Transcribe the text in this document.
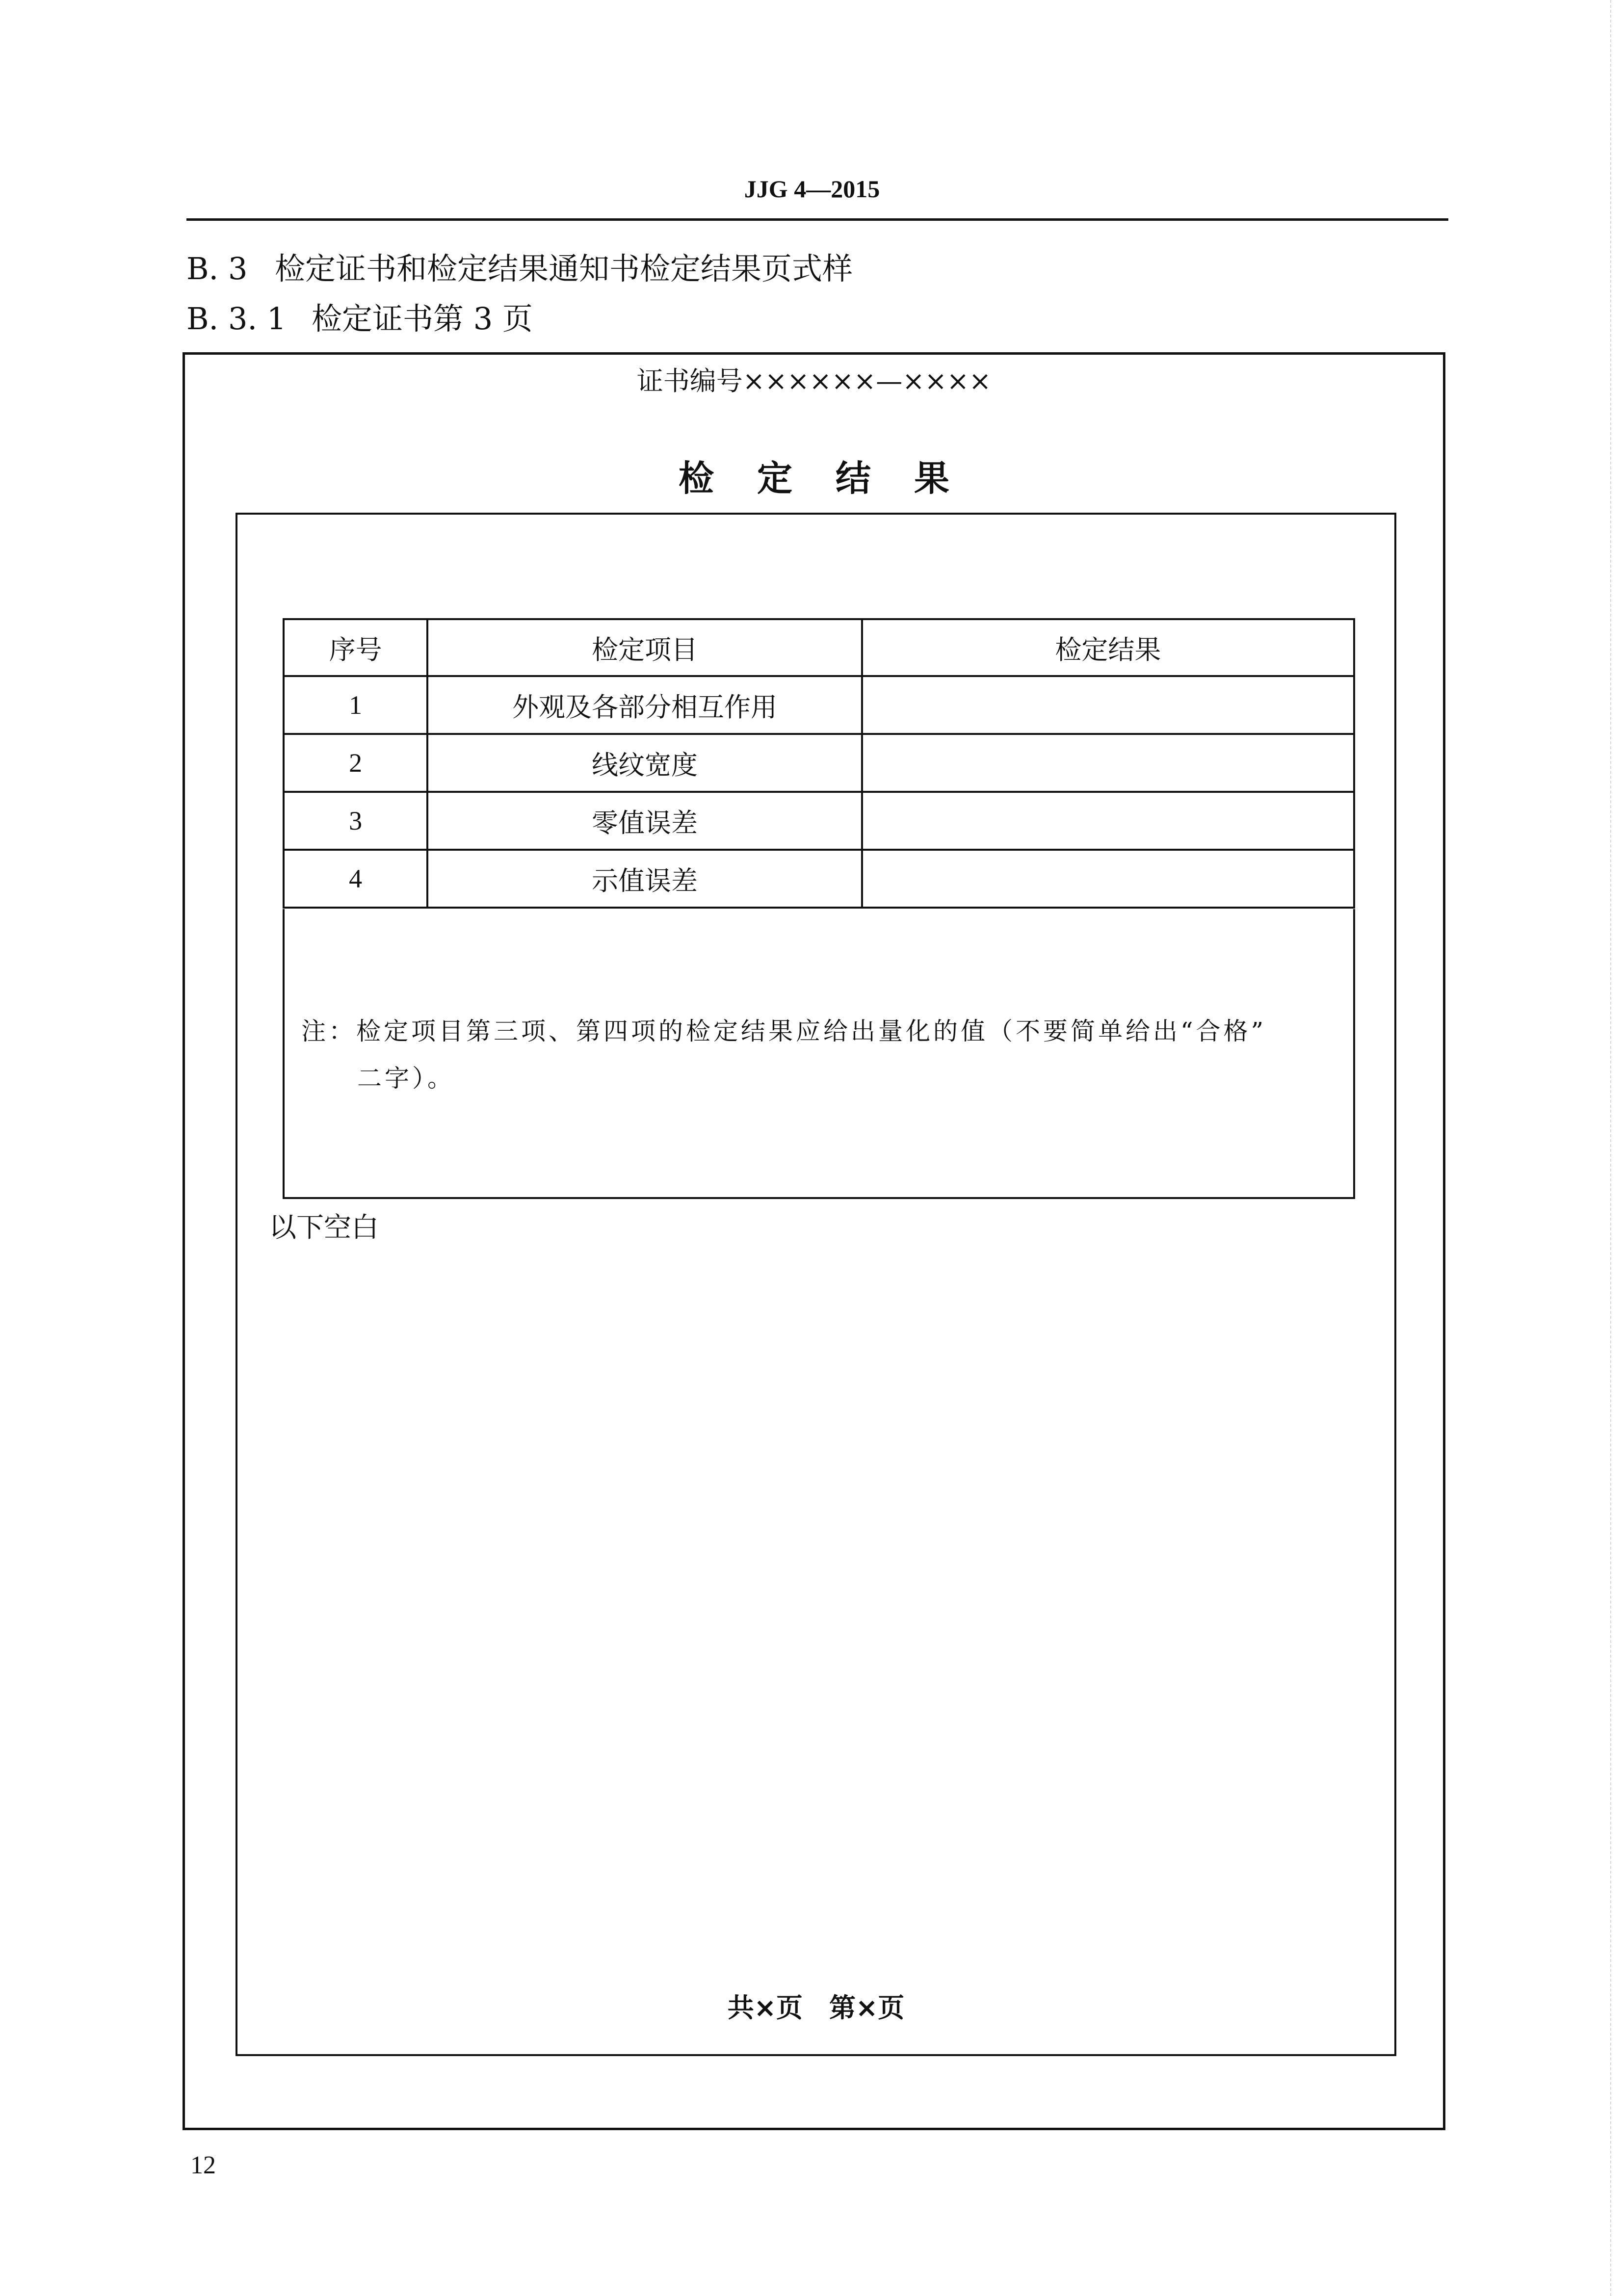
JJG 4—2015
B. 3 检定证书和检定结果通知书检定结果页式样
B. 3. 1 检定证书第 3 页
证书编号××××××—××××
检定结果
序号	检定项目	检定结果
1	外观及各部分相互作用	
2	线纹宽度	
3	零值误差	
4	示值误差	
注：检定项目第三项、第四项的检定结果应给出量化的值（不要简单给出“合格”
二字）。
以下空白
共×页　第×页
12
